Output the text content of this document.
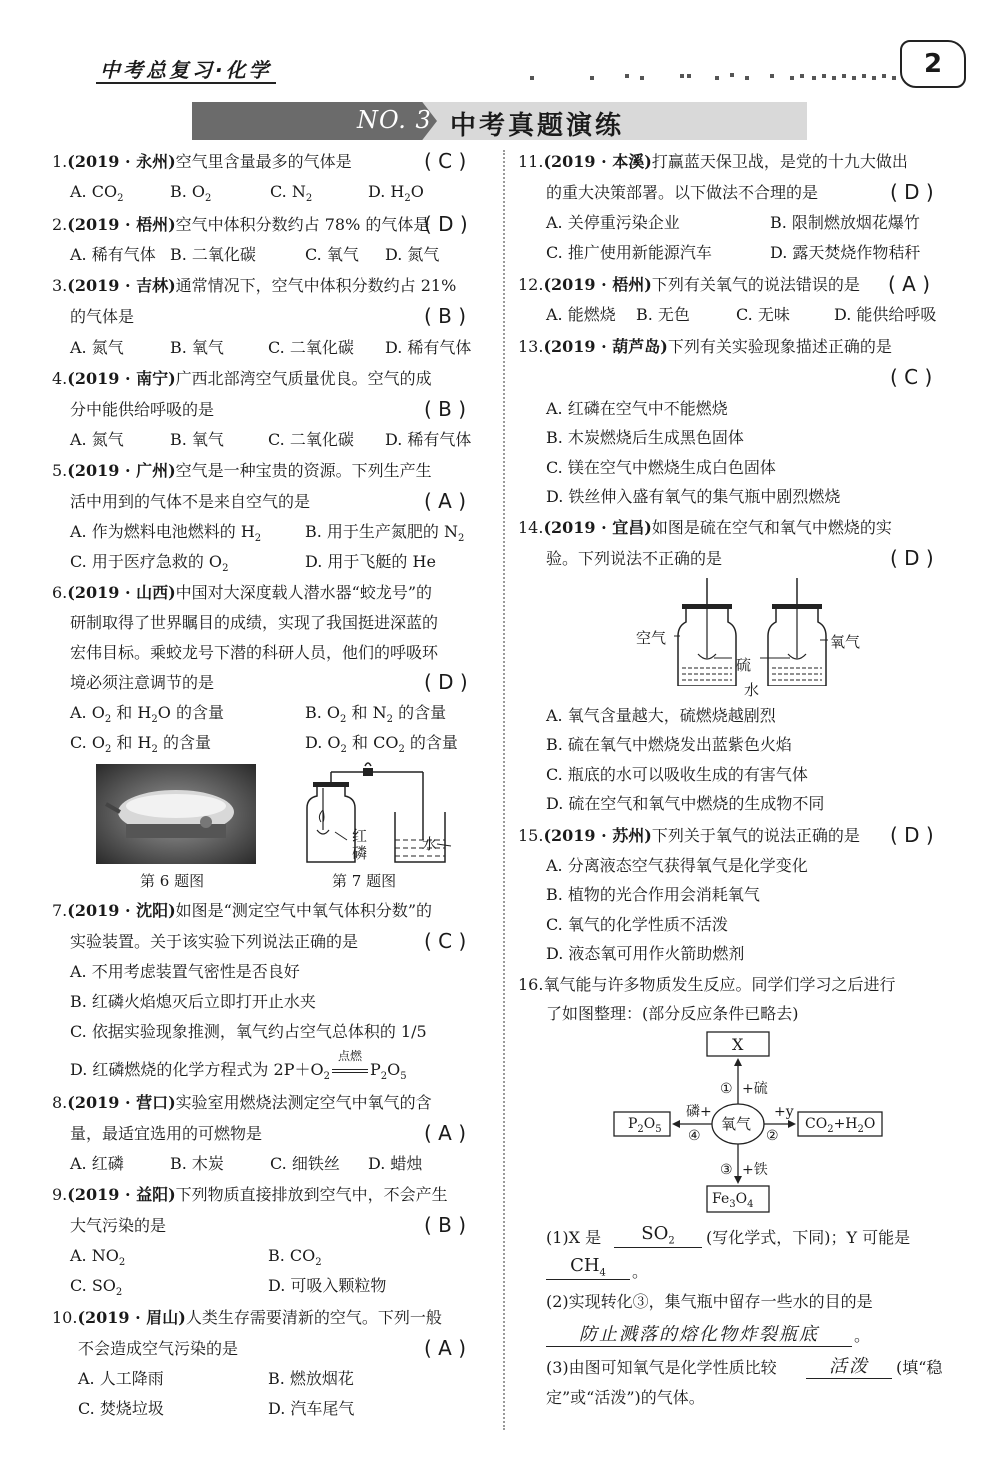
中考总复习·化学	2
NO. 3 中考真题演练
1.(2019 · 永州)空气里含量最多的气体是	( C )
A. $CO_2$	B. $O_2$	C. $N_2$	D. $H_2O$
2.(2019 · 梧州)空气中体积分数约占 78% 的气体是
( D )
A. 稀有气体 B. 二氧化碳	C. 氧气 D. 氮气
3.(2019 · 吉林)通常情况下，空气中体积分数约占 21%
的气体是	( B )
A. 氮气	B. 氧气	C. 二氧化碳 D. 稀有气体
4.(2019 · 南宁)广西北部湾空气质量优良。空气的成
分中能供给呼吸的是	( B )
A. 氮气	B. 氧气	C. 二氧化碳 D. 稀有气体
5.(2019 · 广州)空气是一种宝贵的资源。下列生产生
活中用到的气体不是来自空气的是	( A )
A. 作为燃料电池燃料的 $H_2$	B. 用于生产氮肥的 $N_2$
C. 用于医疗急救的 $O_2$	D. 用于飞艇的 He
6.(2019 · 山西)中国对大深度载人潜水器“蛟龙号”的
研制取得了世界瞩目的成绩，实现了我国挺进深蓝的
宏伟目标。乘蛟龙号下潜的科研人员，他们的呼吸环
境必须注意调节的是	( D )
A. $O_2$ 和 $H_2O$ 的含量	B. $O_2$ 和 $N_2$ 的含量
C. $O_2$ 和 $H_2$ 的含量	D. $O_2$ 和 $CO_2$ 的含量
第 6 题图
红
磷	水
第 7 题图
7.(2019 · 沈阳)如图是“测定空气中氧气体积分数”的
实验装置。关于该实验下列说法正确的是	( C )
A. 不用考虑装置气密性是否良好
B. 红磷火焰熄灭后立即打开止水夹
C. 依据实验现象推测，氧气约占空气总体积的 1/5
D. 红磷燃烧的化学方程式为 $2P+O_2$
点燃
$P_2O_5$
8.(2019 · 营口)实验室用燃烧法测定空气中氧气的含
量，最适宜选用的可燃物是	( A )
A. 红磷	B. 木炭	C. 细铁丝 D. 蜡烛
9.(2019 · 益阳)下列物质直接排放到空气中，不会产生
大气污染的是	( B )
A. $NO_2$	B. $CO_2$
C. $SO_2$	D. 可吸入颗粒物
10.(2019 · 眉山)人类生存需要清新的空气。下列一般
不会造成空气污染的是	( A )
A. 人工降雨	B. 燃放烟花
C. 焚烧垃圾	D. 汽车尾气
11.(2019 · 本溪)打赢蓝天保卫战，是党的十九大做出
的重大决策部署。以下做法不合理的是	( D )
A. 关停重污染企业	B. 限制燃放烟花爆竹
C. 推广使用新能源汽车	D. 露天焚烧作物秸秆
12.(2019 · 梧州)下列有关氧气的说法错误的是 ( A )
A. 能燃烧 B. 无色	C. 无味	D. 能供给呼吸
13.(2019 · 葫芦岛)下列有关实验现象描述正确的是
( C )
A. 红磷在空气中不能燃烧
B. 木炭燃烧后生成黑色固体
C. 镁在空气中燃烧生成白色固体
D. 铁丝伸入盛有氧气的集气瓶中剧烈燃烧
14.(2019 · 宜昌)如图是硫在空气和氧气中燃烧的实
验。下列说法不正确的是	( D )
空气	氧气
硫
水
A. 氧气含量越大，硫燃烧越剧烈
B. 硫在氧气中燃烧发出蓝紫色火焰
C. 瓶底的水可以吸收生成的有害气体
D. 硫在空气和氧气中燃烧的生成物不同
15.(2019 · 苏州)下列关于氧气的说法正确的是 ( D )
A. 分离液态空气获得氧气是化学变化
B. 植物的光合作用会消耗氧气
C. 氧气的化学性质不活泼
D. 液态氧可用作火箭助燃剂
16.氧气能与许多物质发生反应。同学们学习之后进行
了如图整理：(部分反应条件已略去)
X
$P_2O_5$	$CO_2+H_2O$
$Fe_3O_4$
氧气
① +硫
②
+y
③ +铁
④
磷+
(1)X 是	$SO_2$	(写化学式，下同)；Y 可能是
$CH_4$	。
(2)实现转化③，集气瓶中留存一些水的目的是
防止溅落的熔化物炸裂瓶底	。
(3)由图可知氧气是化学性质比较	活泼	(填“稳
定”或“活泼”)的气体。
